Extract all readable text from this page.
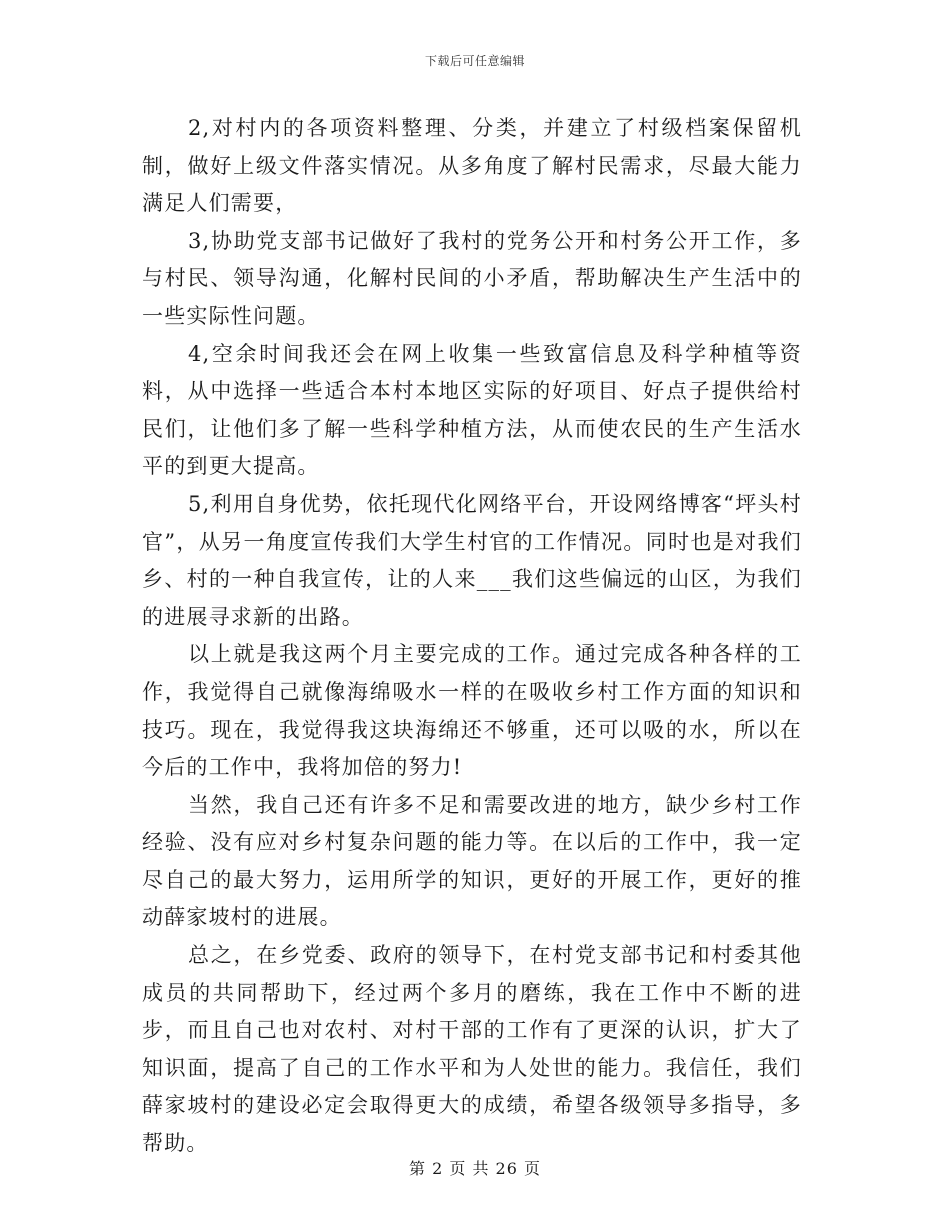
下载后可任意编辑

2,对村内的各项资料整理、分类，并建立了村级档案保留机制，做好上级文件落实情况。从多角度了解村民需求，尽最大能力满足人们需要，

3,协助党支部书记做好了我村的党务公开和村务公开工作，多与村民、领导沟通，化解村民间的小矛盾，帮助解决生产生活中的一些实际性问题。

4,空余时间我还会在网上收集一些致富信息及科学种植等资料，从中选择一些适合本村本地区实际的好项目、好点子提供给村民们，让他们多了解一些科学种植方法，从而使农民的生产生活水平的到更大提高。

5,利用自身优势，依托现代化网络平台，开设网络博客“坪头村官”，从另一角度宣传我们大学生村官的工作情况。同时也是对我们乡、村的一种自我宣传，让的人来___我们这些偏远的山区，为我们的进展寻求新的出路。

以上就是我这两个月主要完成的工作。通过完成各种各样的工作，我觉得自己就像海绵吸水一样的在吸收乡村工作方面的知识和技巧。现在，我觉得我这块海绵还不够重，还可以吸的水，所以在今后的工作中，我将加倍的努力!

当然，我自己还有许多不足和需要改进的地方，缺少乡村工作经验、没有应对乡村复杂问题的能力等。在以后的工作中，我一定尽自己的最大努力，运用所学的知识，更好的开展工作，更好的推动薛家坡村的进展。

总之，在乡党委、政府的领导下，在村党支部书记和村委其他成员的共同帮助下，经过两个多月的磨练，我在工作中不断的进步，而且自己也对农村、对村干部的工作有了更深的认识，扩大了知识面，提高了自己的工作水平和为人处世的能力。我信任，我们薛家坡村的建设必定会取得更大的成绩，希望各级领导多指导，多帮助。

第 2 页 共 26 页
